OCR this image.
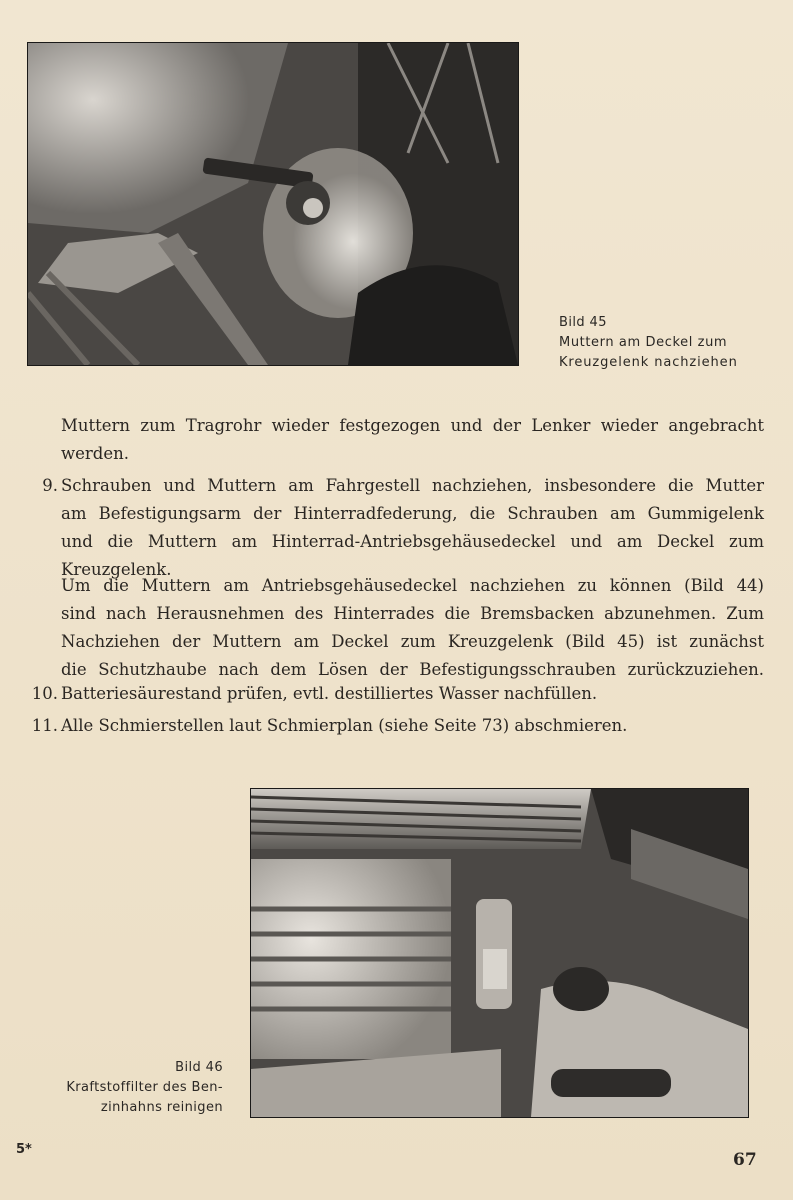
Bild 45
Muttern am Deckel zum
Kreuzgelenk nachziehen
Muttern zum Tragrohr wieder festgezogen und der Lenker wieder angebracht
werden.
9. Schrauben und Muttern am Fahrgestell nachziehen, insbesondere die Mutter
am Befestigungsarm der Hinterradfederung, die Schrauben am Gummigelenk
und die Muttern am Hinterrad-Antriebsgehäusedeckel und am Deckel zum
Kreuzgelenk.
Um die Muttern am Antriebsgehäusedeckel nachziehen zu können (Bild 44)
sind nach Herausnehmen des Hinterrades die Bremsbacken abzunehmen. Zum
Nachziehen der Muttern am Deckel zum Kreuzgelenk (Bild 45) ist zunächst
die Schutzhaube nach dem Lösen der Befestigungsschrauben zurückzuziehen.
10. Batteriesäurestand prüfen, evtl. destilliertes Wasser nachfüllen.
11. Alle Schmierstellen laut Schmierplan (siehe Seite 73) abschmieren.
Bild 46
Kraftstoffilter des Ben-
zinhahns reinigen
5*
67
